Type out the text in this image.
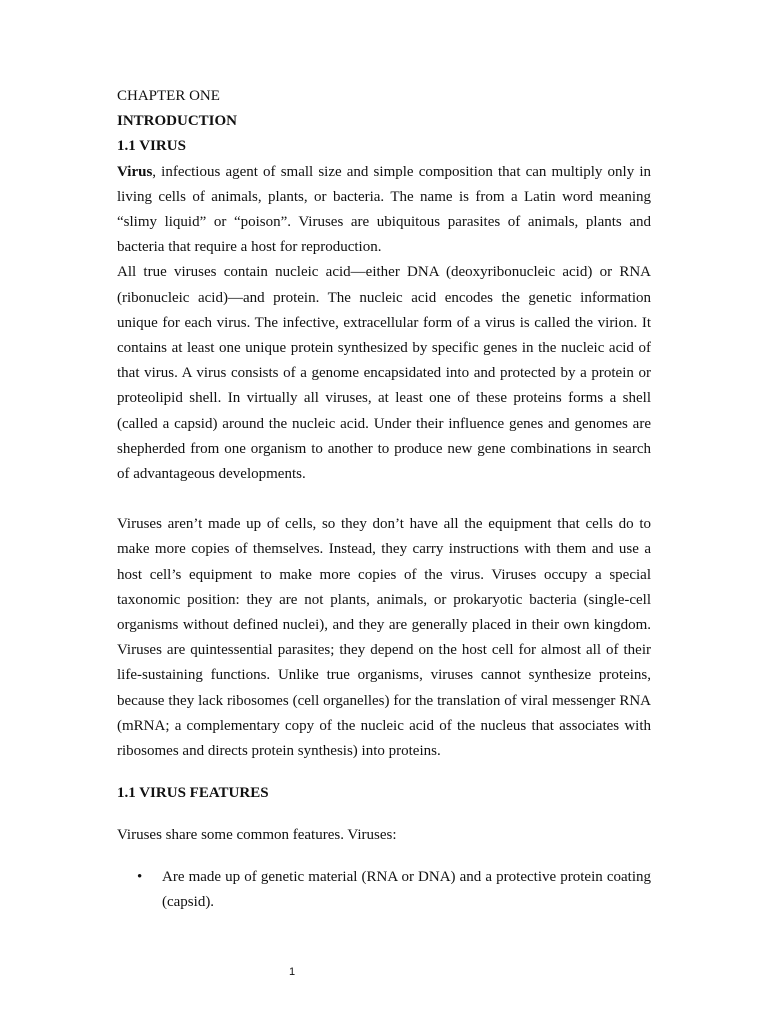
CHAPTER ONE

INTRODUCTION

1.1 VIRUS

Virus, infectious agent of small size and simple composition that can multiply only in living cells of animals, plants, or bacteria. The name is from a Latin word meaning “slimy liquid” or “poison”. Viruses are ubiquitous parasites of animals, plants and bacteria that require a host for reproduction.

All true viruses contain nucleic acid—either DNA (deoxyribonucleic acid) or RNA (ribonucleic acid)—and protein. The nucleic acid encodes the genetic information unique for each virus. The infective, extracellular form of a virus is called the virion. It contains at least one unique protein synthesized by specific genes in the nucleic acid of that virus. A virus consists of a genome encapsidated into and protected by a protein or proteolipid shell. In virtually all viruses, at least one of these proteins forms a shell (called a capsid) around the nucleic acid. Under their influence genes and genomes are shepherded from one organism to another to produce new gene combinations in search of advantageous developments.

Viruses aren’t made up of cells, so they don’t have all the equipment that cells do to make more copies of themselves. Instead, they carry instructions with them and use a host cell’s equipment to make more copies of the virus. Viruses occupy a special taxonomic position: they are not plants, animals, or prokaryotic bacteria (single-cell organisms without defined nuclei), and they are generally placed in their own kingdom. Viruses are quintessential parasites; they depend on the host cell for almost all of their life-sustaining functions. Unlike true organisms, viruses cannot synthesize proteins, because they lack ribosomes (cell organelles) for the translation of viral messenger RNA (mRNA; a complementary copy of the nucleic acid of the nucleus that associates with ribosomes and directs protein synthesis) into proteins.

1.1 VIRUS FEATURES

Viruses share some common features. Viruses:

• Are made up of genetic material (RNA or DNA) and a protective protein coating (capsid).
1
